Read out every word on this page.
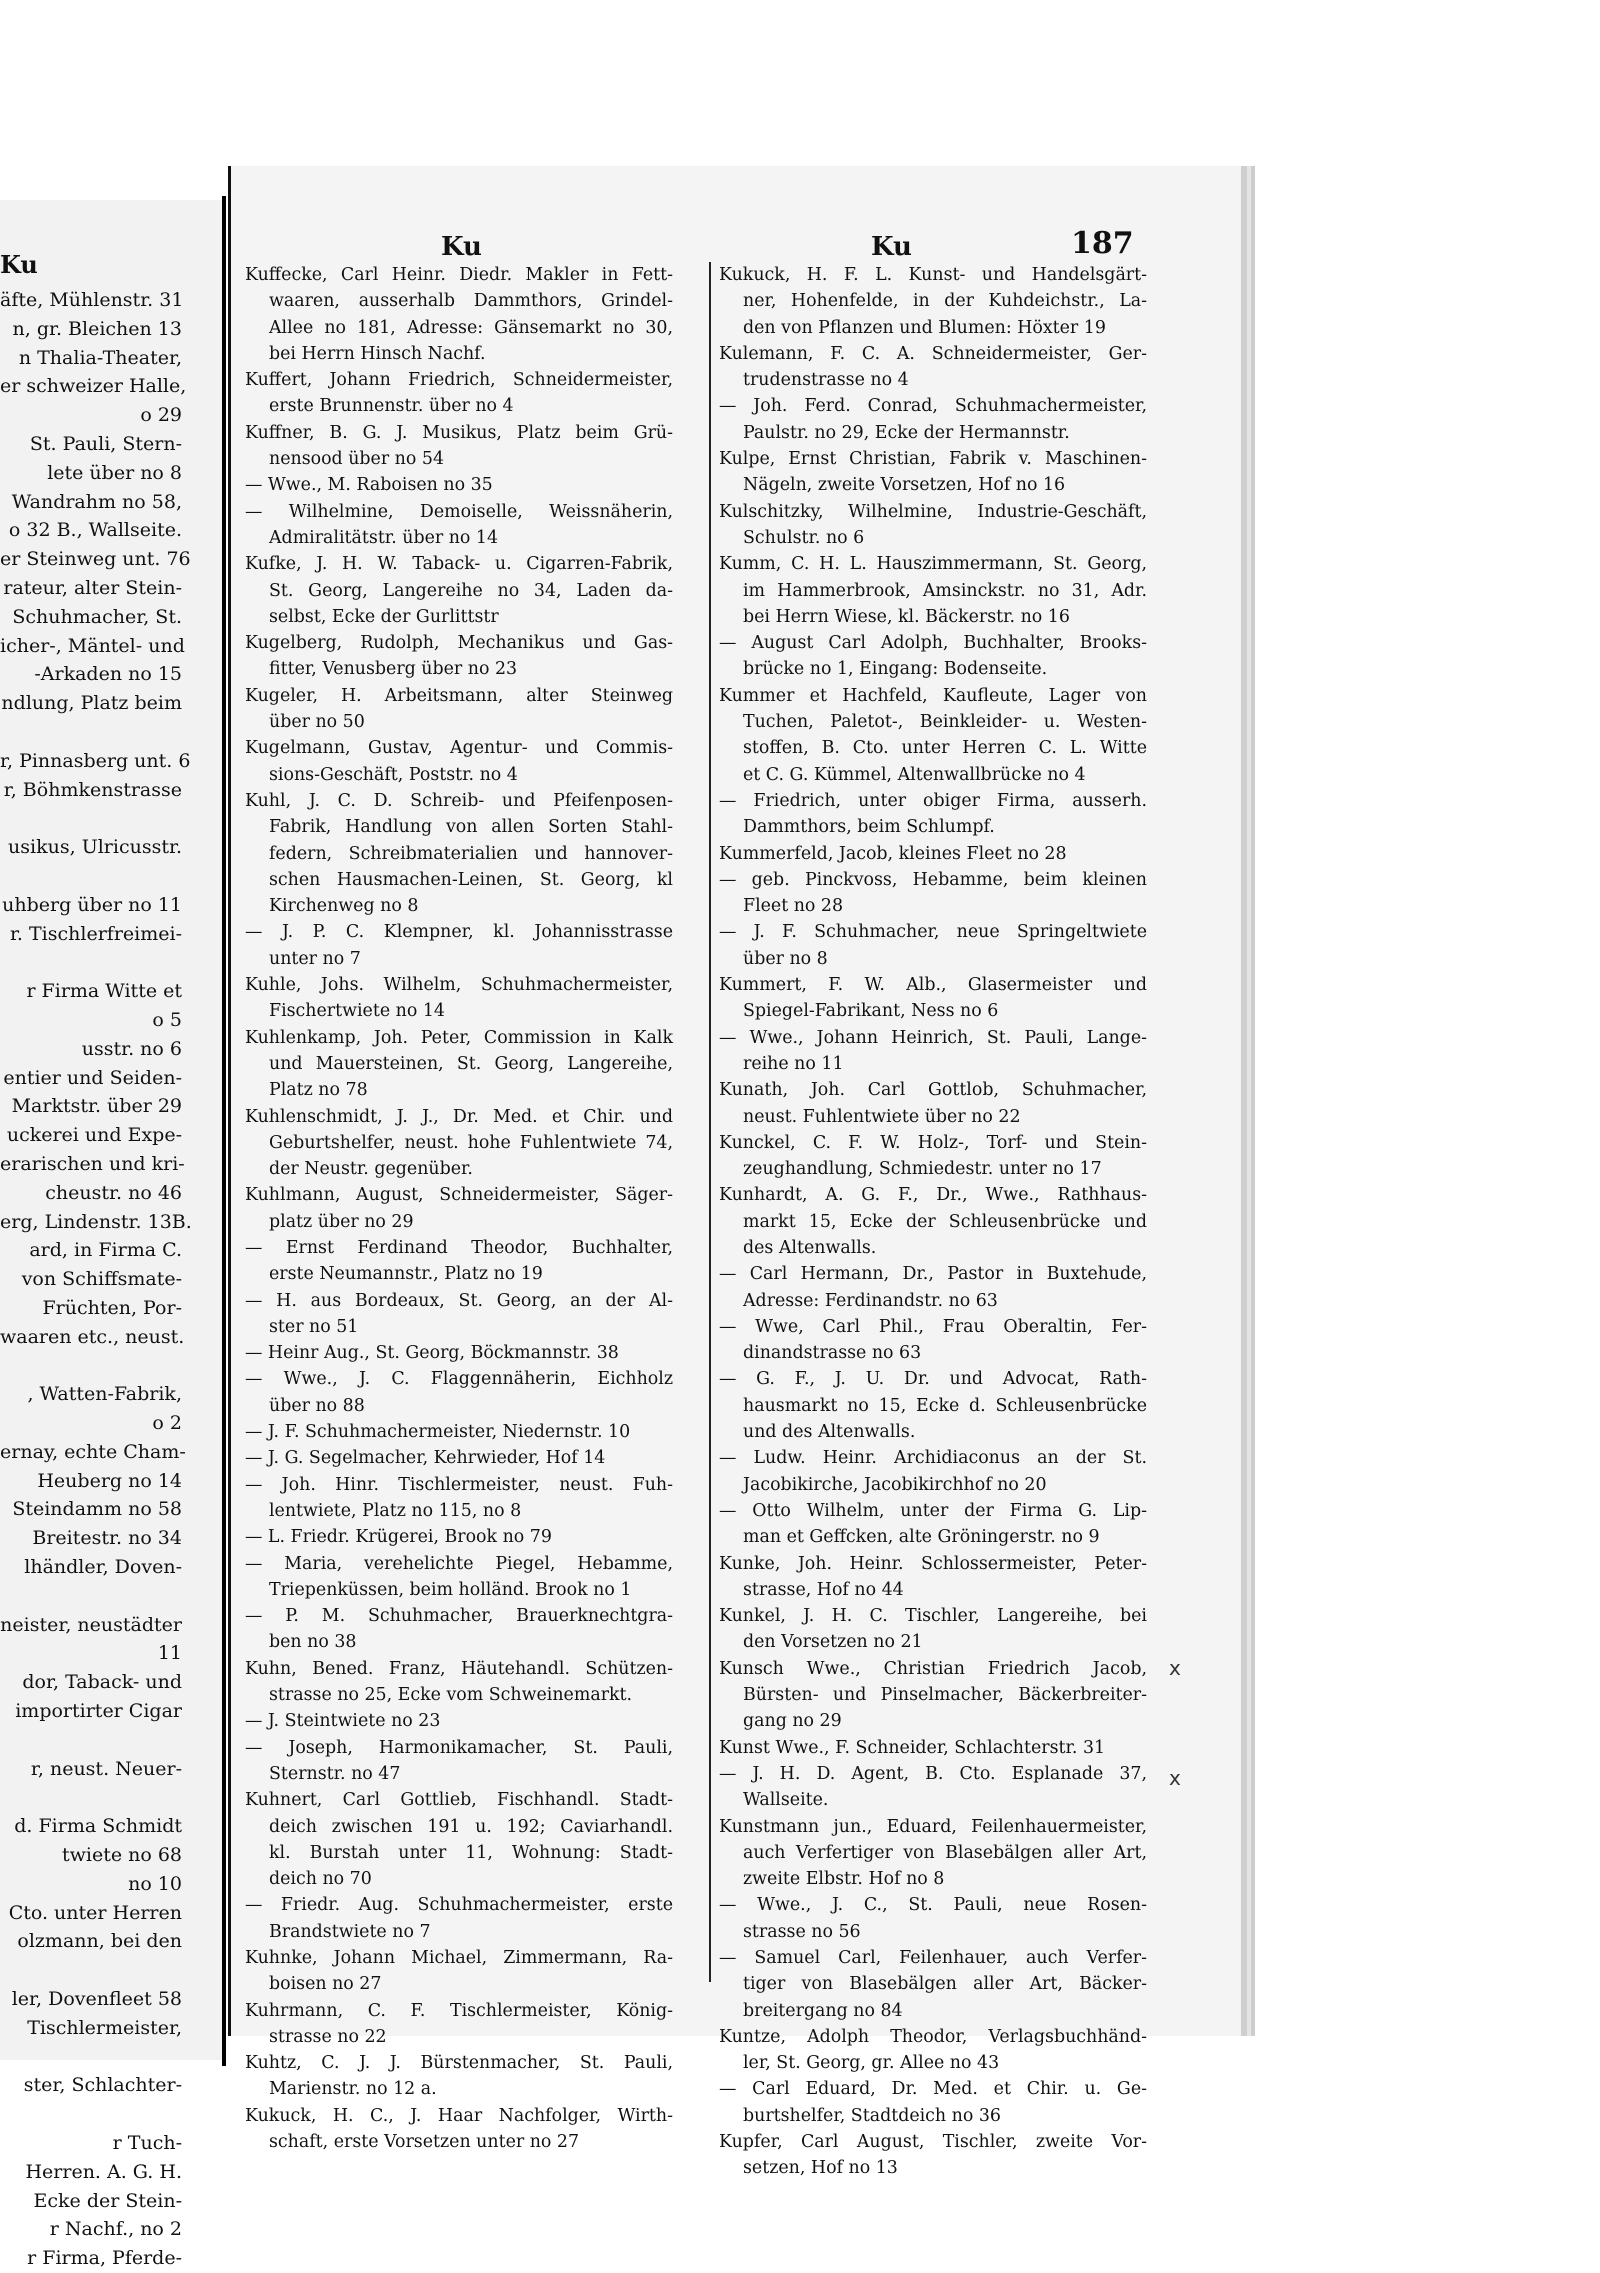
Ku
äfte, Mühlenstr. 31
n, gr. Bleichen 13
n Thalia-Theater,
er schweizer Halle,
o 29
St. Pauli, Stern-
lete über no 8
Wandrahm no 58,
o 32 B., Wallseite.
er Steinweg unt. 76
rateur, alter Stein-
Schuhmacher, St.
icher-, Mäntel- und
-Arkaden no 15
ndlung, Platz beim
r, Pinnasberg unt. 6
r, Böhmkenstrasse
usikus, Ulricusstr.
uhberg über no 11
r. Tischlerfreimei-
r Firma Witte et
o 5
usstr. no 6
entier und Seiden-
Marktstr. über 29
uckerei und Expe-
erarischen und kri-
cheustr. no 46
erg, Lindenstr. 13B.
ard, in Firma C.
von Schiffsmate-
Früchten, Por-
waaren etc., neust.
, Watten-Fabrik,
o 2
ernay, echte Cham-
Heuberg no 14
Steindamm no 58
Breitestr. no 34
lhändler, Doven-
neister, neustädter
11
dor, Taback- und
importirter Cigar
r, neust. Neuer-
d. Firma Schmidt
twiete no 68
no 10
Cto. unter Herren
olzmann, bei den
ler, Dovenfleet 58
Tischlermeister,
ster, Schlachter-
r Tuch-
Herren. A. G. H.
Ecke der Stein-
r Nachf., no 2
r Firma, Pferde-
Ku	Ku	187
Kuffecke, Carl Heinr. Diedr. Makler in Fett-
waaren, ausserhalb Dammthors, Grindel-
Allee no 181, Adresse: Gänsemarkt no 30,
bei Herrn Hinsch Nachf.
Kuffert, Johann Friedrich, Schneidermeister,
erste Brunnenstr. über no 4
Kuffner, B. G. J. Musikus, Platz beim Grü-
nensood über no 54
— Wwe., M. Raboisen no 35
— Wilhelmine, Demoiselle, Weissnäherin,
Admiralitätstr. über no 14
Kufke, J. H. W. Taback- u. Cigarren-Fabrik,
St. Georg, Langereihe no 34, Laden da-
selbst, Ecke der Gurlittstr
Kugelberg, Rudolph, Mechanikus und Gas-
fitter, Venusberg über no 23
Kugeler, H. Arbeitsmann, alter Steinweg
über no 50
Kugelmann, Gustav, Agentur- und Commis-
sions-Geschäft, Poststr. no 4
Kuhl, J. C. D. Schreib- und Pfeifenposen-
Fabrik, Handlung von allen Sorten Stahl-
federn, Schreibmaterialien und hannover-
schen Hausmachen-Leinen, St. Georg, kl
Kirchenweg no 8
— J. P. C. Klempner, kl. Johannisstrasse
unter no 7
Kuhle, Johs. Wilhelm, Schuhmachermeister,
Fischertwiete no 14
Kuhlenkamp, Joh. Peter, Commission in Kalk
und Mauersteinen, St. Georg, Langereihe,
Platz no 78
Kuhlenschmidt, J. J., Dr. Med. et Chir. und
Geburtshelfer, neust. hohe Fuhlentwiete 74,
der Neustr. gegenüber.
Kuhlmann, August, Schneidermeister, Säger-
platz über no 29
— Ernst Ferdinand Theodor, Buchhalter,
erste Neumannstr., Platz no 19
— H. aus Bordeaux, St. Georg, an der Al-
ster no 51
— Heinr Aug., St. Georg, Böckmannstr. 38
— Wwe., J. C. Flaggennäherin, Eichholz
über no 88
— J. F. Schuhmachermeister, Niedernstr. 10
— J. G. Segelmacher, Kehrwieder, Hof 14
— Joh. Hinr. Tischlermeister, neust. Fuh-
lentwiete, Platz no 115, no 8
— L. Friedr. Krügerei, Brook no 79
— Maria, verehelichte Piegel, Hebamme,
Triepenküssen, beim holländ. Brook no 1
— P. M. Schuhmacher, Brauerknechtgra-
ben no 38
Kuhn, Bened. Franz, Häutehandl. Schützen-
strasse no 25, Ecke vom Schweinemarkt.
— J. Steintwiete no 23
— Joseph, Harmonikamacher, St. Pauli,
Sternstr. no 47
Kuhnert, Carl Gottlieb, Fischhandl. Stadt-
deich zwischen 191 u. 192; Caviarhandl.
kl. Burstah unter 11, Wohnung: Stadt-
deich no 70
— Friedr. Aug. Schuhmachermeister, erste
Brandstwiete no 7
Kuhnke, Johann Michael, Zimmermann, Ra-
boisen no 27
Kuhrmann, C. F. Tischlermeister, König-
strasse no 22
Kuhtz, C. J. J. Bürstenmacher, St. Pauli,
Marienstr. no 12 a.
Kukuck, H. C., J. Haar Nachfolger, Wirth-
schaft, erste Vorsetzen unter no 27
Kukuck, H. F. L. Kunst- und Handelsgärt-
ner, Hohenfelde, in der Kuhdeichstr., La-
den von Pflanzen und Blumen: Höxter 19
Kulemann, F. C. A. Schneidermeister, Ger-
trudenstrasse no 4
— Joh. Ferd. Conrad, Schuhmachermeister,
Paulstr. no 29, Ecke der Hermannstr.
Kulpe, Ernst Christian, Fabrik v. Maschinen-
Nägeln, zweite Vorsetzen, Hof no 16
Kulschitzky, Wilhelmine, Industrie-Geschäft,
Schulstr. no 6
Kumm, C. H. L. Hauszimmermann, St. Georg,
im Hammerbrook, Amsinckstr. no 31, Adr.
bei Herrn Wiese, kl. Bäckerstr. no 16
— August Carl Adolph, Buchhalter, Brooks-
brücke no 1, Eingang: Bodenseite.
Kummer et Hachfeld, Kaufleute, Lager von
Tuchen, Paletot-, Beinkleider- u. Westen-
stoffen, B. Cto. unter Herren C. L. Witte
et C. G. Kümmel, Altenwallbrücke no 4
— Friedrich, unter obiger Firma, ausserh.
Dammthors, beim Schlumpf.
Kummerfeld, Jacob, kleines Fleet no 28
— geb. Pinckvoss, Hebamme, beim kleinen
Fleet no 28
— J. F. Schuhmacher, neue Springeltwiete
über no 8
Kummert, F. W. Alb., Glasermeister und
Spiegel-Fabrikant, Ness no 6
— Wwe., Johann Heinrich, St. Pauli, Lange-
reihe no 11
Kunath, Joh. Carl Gottlob, Schuhmacher,
neust. Fuhlentwiete über no 22
Kunckel, C. F. W. Holz-, Torf- und Stein-
zeughandlung, Schmiedestr. unter no 17
Kunhardt, A. G. F., Dr., Wwe., Rathhaus-
markt 15, Ecke der Schleusenbrücke und
des Altenwalls.
— Carl Hermann, Dr., Pastor in Buxtehude,
Adresse: Ferdinandstr. no 63
— Wwe, Carl Phil., Frau Oberaltin, Fer-
dinandstrasse no 63
— G. F., J. U. Dr. und Advocat, Rath-
hausmarkt no 15, Ecke d. Schleusenbrücke
und des Altenwalls.
— Ludw. Heinr. Archidiaconus an der St.
Jacobikirche, Jacobikirchhof no 20
— Otto Wilhelm, unter der Firma G. Lip-
man et Geffcken, alte Gröningerstr. no 9
Kunke, Joh. Heinr. Schlossermeister, Peter-
strasse, Hof no 44
Kunkel, J. H. C. Tischler, Langereihe, bei
den Vorsetzen no 21
Kunsch Wwe., Christian Friedrich Jacob,
Bürsten- und Pinselmacher, Bäckerbreiter-
gang no 29
Kunst Wwe., F. Schneider, Schlachterstr. 31
— J. H. D. Agent, B. Cto. Esplanade 37,
Wallseite.
Kunstmann jun., Eduard, Feilenhauermeister,
auch Verfertiger von Blasebälgen aller Art,
zweite Elbstr. Hof no 8
— Wwe., J. C., St. Pauli, neue Rosen-
strasse no 56
— Samuel Carl, Feilenhauer, auch Verfer-
tiger von Blasebälgen aller Art, Bäcker-
breitergang no 84
Kuntze, Adolph Theodor, Verlagsbuchhänd-
ler, St. Georg, gr. Allee no 43
— Carl Eduard, Dr. Med. et Chir. u. Ge-
burtshelfer, Stadtdeich no 36
Kupfer, Carl August, Tischler, zweite Vor-
setzen, Hof no 13
x
x
